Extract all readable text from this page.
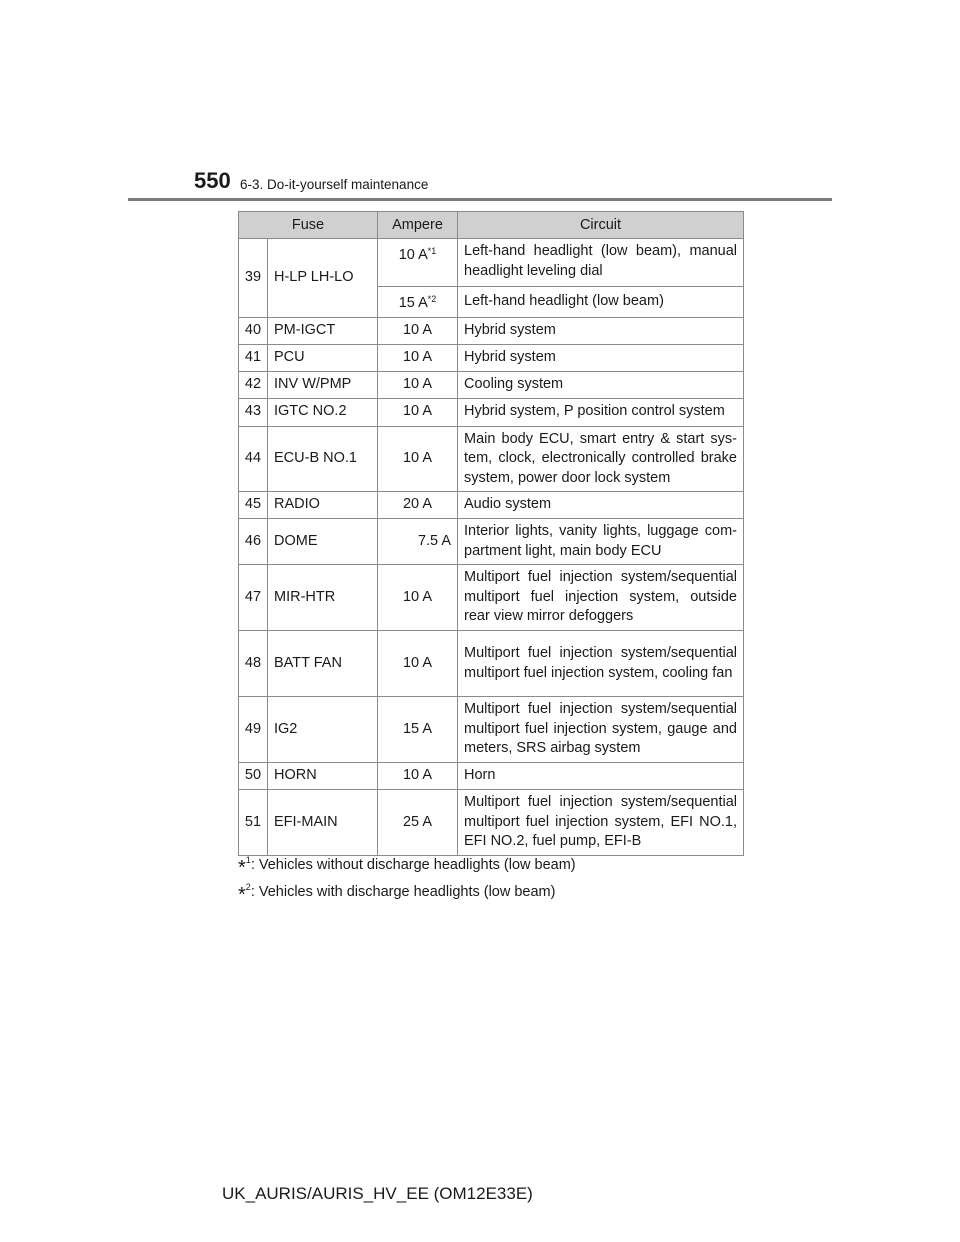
550 6-3. Do-it-yourself maintenance
Fuse		Ampere	Circuit
39	H-LP LH-LO	10 $A^{*1}$	Left-hand headlight (low beam), manual headlight leveling dial
		15 $A^{*2}$	Left-hand headlight (low beam)
40	PM-IGCT	10 A	Hybrid system
41	PCU	10 A	Hybrid system
42	INV W/PMP	10 A	Cooling system
43	IGTC NO.2	10 A	Hybrid system, P position control system
44	ECU-B NO.1	10 A	Main body ECU, smart entry & start sys-tem, clock, electronically controlled brake system, power door lock system
45	RADIO	20 A	Audio system
46	DOME	7.5 A	Interior lights, vanity lights, luggage com-partment light, main body ECU
47	MIR-HTR	10 A	Multiport fuel injection system/sequential multiport fuel injection system, outside rear view mirror defoggers
48	BATT FAN	10 A	Multiport fuel injection system/sequential multiport fuel injection system, cooling fan
49	IG2	15 A	Multiport fuel injection system/sequential multiport fuel injection system, gauge and meters, SRS airbag system
50	HORN	10 A	Horn
51	EFI-MAIN	25 A	Multiport fuel injection system/sequential multiport fuel injection system, EFI NO.1, EFI NO.2, fuel pump, EFI-B
*$^1$: Vehicles without discharge headlights (low beam)
*$^2$: Vehicles with discharge headlights (low beam)
UK_AURIS/AURIS_HV_EE (OM12E33E)
